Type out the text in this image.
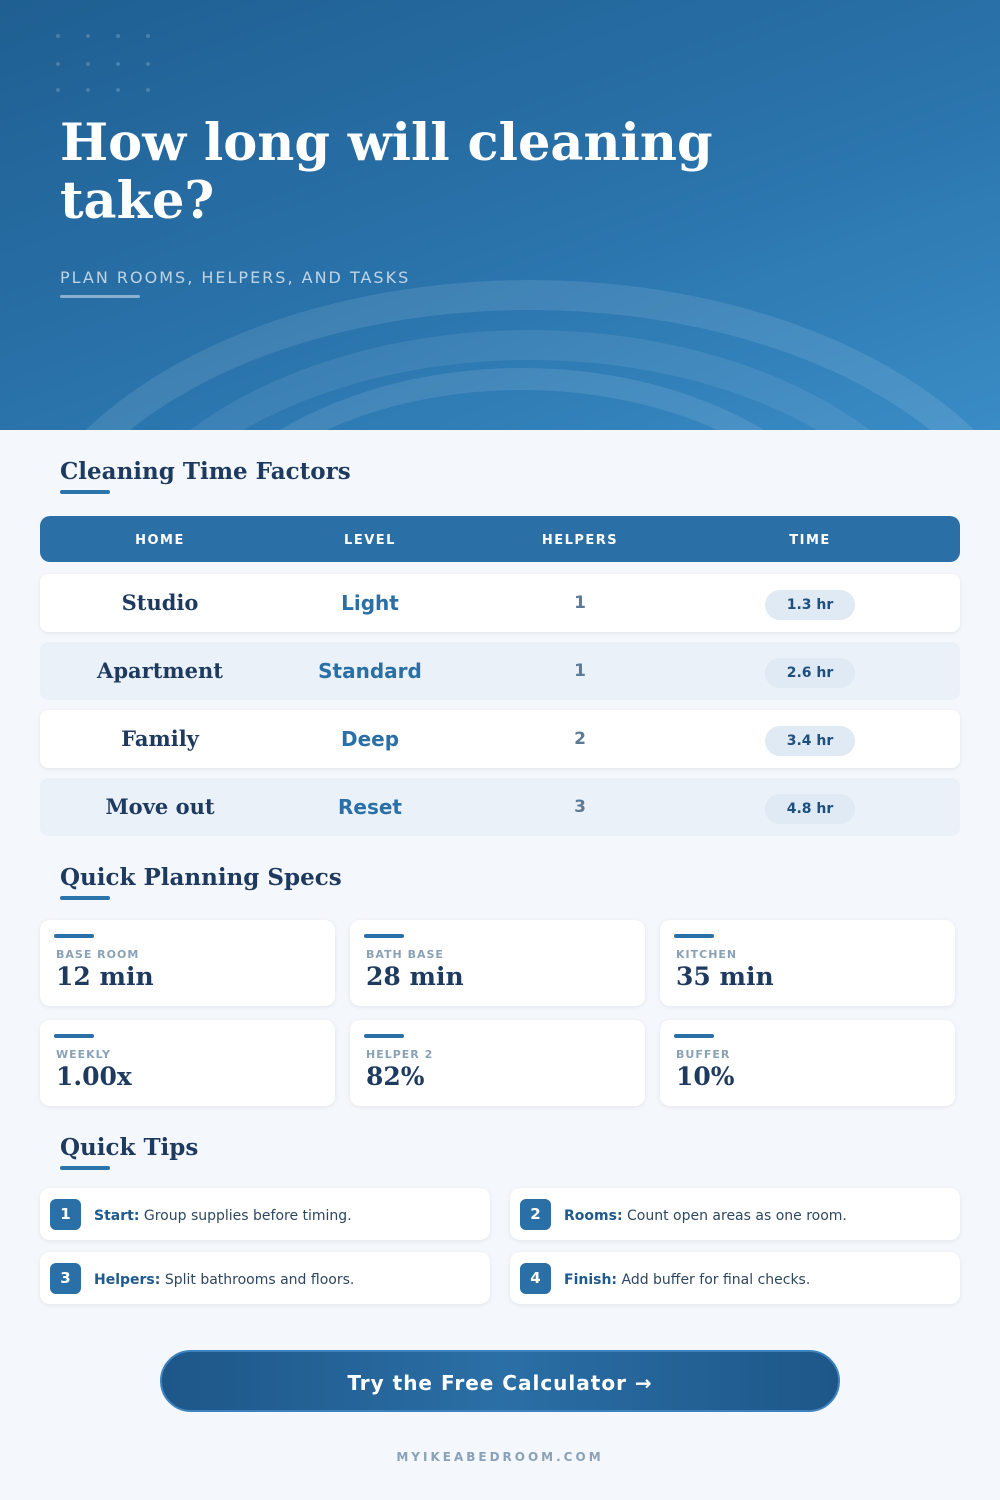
How long will cleaning take?

PLAN ROOMS, HELPERS, AND TASKS

Cleaning Time Factors
HOME	LEVEL	HELPERS	TIME
Studio	Light	1	1.3 hr
Apartment	Standard	1	2.6 hr
Family	Deep	2	3.4 hr
Move out	Reset	3	4.8 hr
Quick Planning Specs
BASE ROOM
12 min
BATH BASE
28 min
KITCHEN
35 min
WEEKLY
1.00x
HELPER 2
82%
BUFFER
10%
Quick Tips
1	Start: Group supplies before timing.	2	Rooms: Count open areas as one room.
3	Helpers: Split bathrooms and floors.	4	Finish: Add buffer for final checks.
Try the Free Calculator →
MYIKEABEDROOM.COM
